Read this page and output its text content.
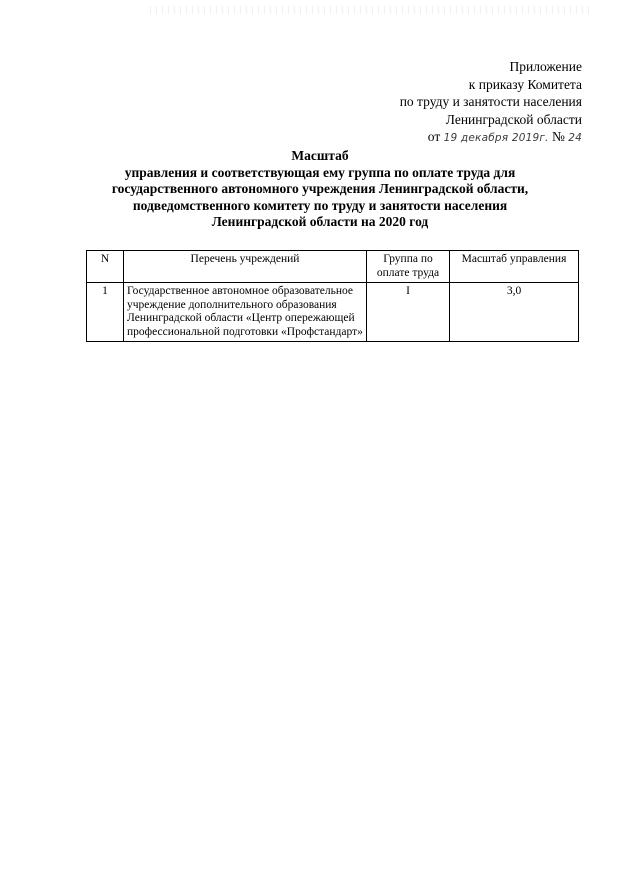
Приложение
к приказу Комитета
по труду и занятости населения
Ленинградской области
от 19 декабря 2019г. № 24
Масштаб
управления и соответствующая ему группа по оплате труда для
государственного автономного учреждения Ленинградской области,
подведомственного комитету по труду и занятости населения
Ленинградской области на 2020 год
N	Перечень учреждений	Группа по оплате труда	Масштаб управления
1	Государственное автономное образовательное учреждение дополнительного образования Ленинградской области «Центр опережающей профессиональной подготовки «Профстандарт»	I	3,0
